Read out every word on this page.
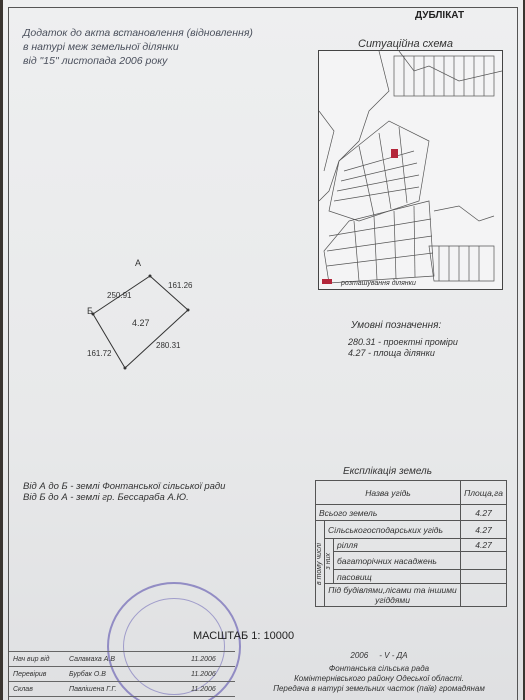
ДУБЛІКАТ
Додаток до акта встановлення (відновлення)
в натурі меж земельної ділянки
від "15" листопада 2006 року
Ситуаційна схема
розташування ділянки
Умовні позначення:
280.31 - проектні проміри
4.27 - площа ділянки
А
Б
250.91
161.26
161.72
280.31
4.27
Від А до Б - землі Фонтанської сільської ради
Від Б до А - землі гр. Бессараба А.Ю.
Експлікація земель
Назва угідь			Площа,га
Всього земель			4.27

в тому числі	Сільськогосподарських угідь		4.27

	з них	рілля	4.27
		багаторічних насаджень	
		пасовищ	
	Під будівлями,лісами та іншими угіддями		
МАСШТАБ 1: 10000
Нач вир від	Саламаха А.В		11.2006
Перевірив	Бурбак О.В		11.2006
Склав	Павлішена Г.Г.		11.2006
2006 - V - ДА
Фонтанська сільська рада
Комінтернівського району Одеської області.
Передача в натурі земельних часток (паїв) громадянам
